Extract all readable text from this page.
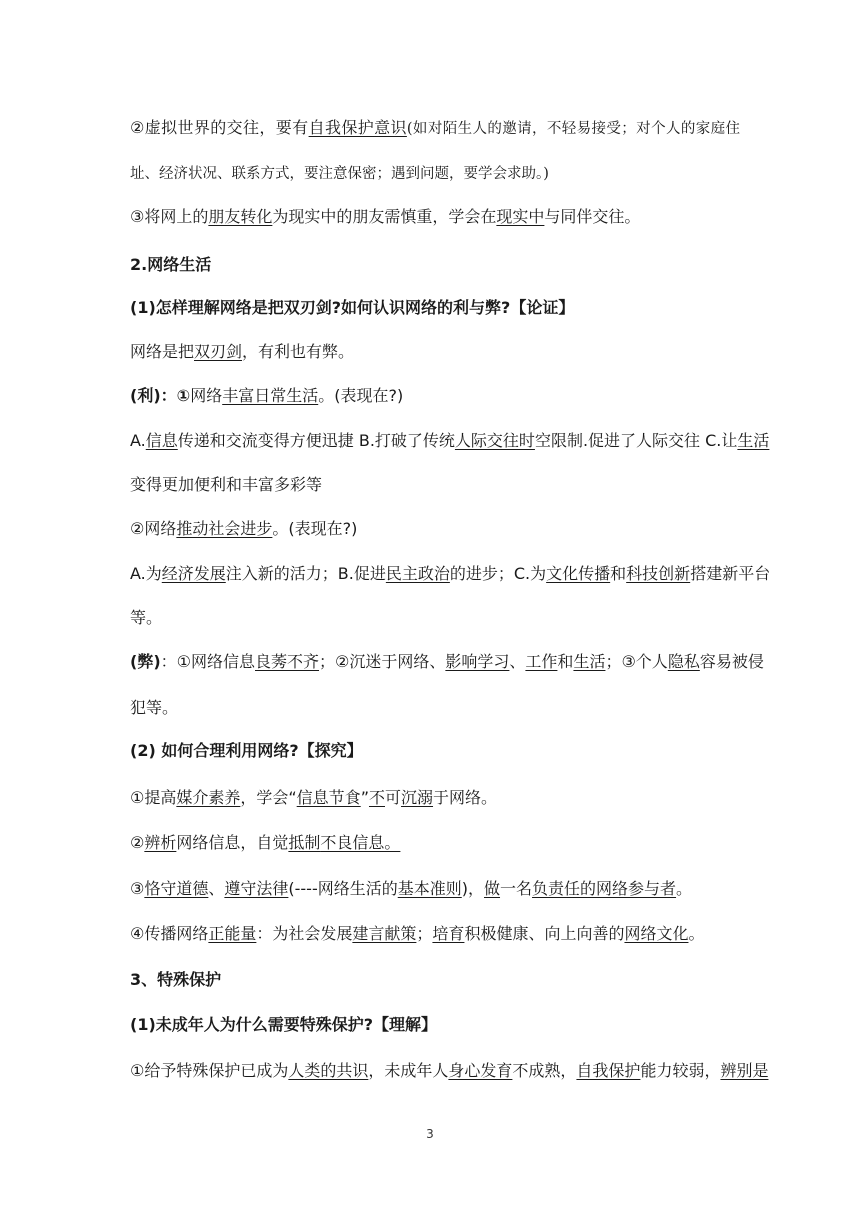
②虚拟世界的交往，要有自我保护意识(如对陌生人的邀请，不轻易接受；对个人的家庭住
址、经济状况、联系方式，要注意保密；遇到问题，要学会求助。)
③将网上的朋友转化为现实中的朋友需慎重，学会在现实中与同伴交往。
2.网络生活
(1)怎样理解网络是把双刃剑?如何认识网络的利与弊?【论证】
网络是把双刃剑，有利也有弊。
(利)：①网络丰富日常生活。(表现在?)
A.信息传递和交流变得方便迅捷 B.打破了传统人际交往时空限制.促进了人际交往 C.让生活
变得更加便利和丰富多彩等
②网络推动社会进步。(表现在?)
A.为经济发展注入新的活力；B.促进民主政治的进步；C.为文化传播和科技创新搭建新平台
等。
(弊)：①网络信息良莠不齐；②沉迷于网络、影响学习、工作和生活；③个人隐私容易被侵
犯等。
(2) 如何合理利用网络?【探究】
①提高媒介素养，学会“信息节食”不可沉溺于网络。
②辨析网络信息，自觉抵制不良信息。
③恪守道德、遵守法律(----网络生活的基本准则)，做一名负责任的网络参与者。
④传播网络正能量：为社会发展建言献策；培育积极健康、向上向善的网络文化。
3、特殊保护
(1)未成年人为什么需要特殊保护?【理解】
①给予特殊保护已成为人类的共识，未成年人身心发育不成熟，自我保护能力较弱，辨别是
3
